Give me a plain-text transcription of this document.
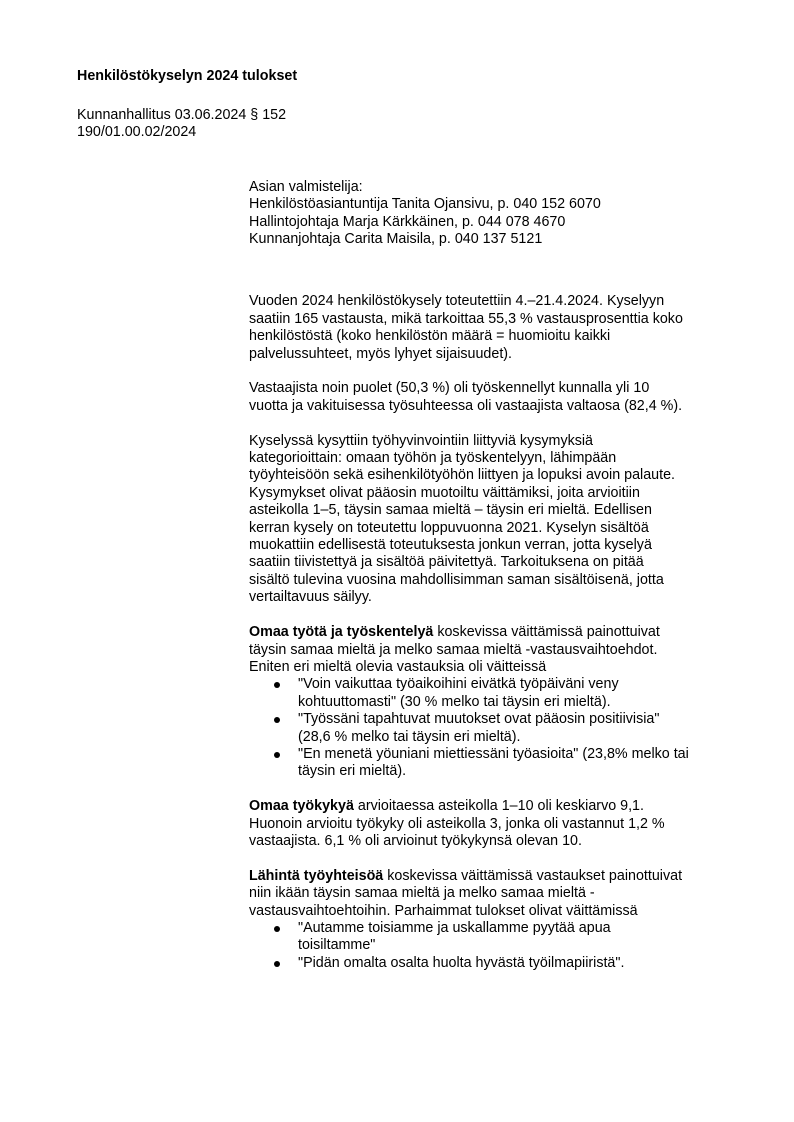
Henkilöstökyselyn 2024 tulokset
Kunnanhallitus 03.06.2024 § 152
190/01.00.02/2024
Asian valmistelija:
Henkilöstöasiantuntija Tanita Ojansivu, p. 040 152 6070
Hallintojohtaja Marja Kärkkäinen, p. 044 078 4670
Kunnanjohtaja Carita Maisila, p. 040 137 5121
Vuoden 2024 henkilöstökysely toteutettiin 4.–21.4.2024. Kyselyyn
saatiin 165 vastausta, mikä tarkoittaa 55,3 % vastausprosenttia koko
henkilöstöstä (koko henkilöstön määrä = huomioitu kaikki
palvelussuhteet, myös lyhyet sijaisuudet).
Vastaajista noin puolet (50,3 %) oli työskennellyt kunnalla yli 10
vuotta ja vakituisessa työsuhteessa oli vastaajista valtaosa (82,4 %).
Kyselyssä kysyttiin työhyvinvointiin liittyviä kysymyksiä
kategorioittain: omaan työhön ja työskentelyyn, lähimpään
työyhteisöön sekä esihenkilötyöhön liittyen ja lopuksi avoin palaute.
Kysymykset olivat pääosin muotoiltu väittämiksi, joita arvioitiin
asteikolla 1–5, täysin samaa mieltä – täysin eri mieltä. Edellisen
kerran kysely on toteutettu loppuvuonna 2021. Kyselyn sisältöä
muokattiin edellisestä toteutuksesta jonkun verran, jotta kyselyä
saatiin tiivistettyä ja sisältöä päivitettyä. Tarkoituksena on pitää
sisältö tulevina vuosina mahdollisimman saman sisältöisenä, jotta
vertailtavuus säilyy.
Omaa työtä ja työskentelyä koskevissa väittämissä painottuivat
täysin samaa mieltä ja melko samaa mieltä -vastausvaihtoehdot.
Eniten eri mieltä olevia vastauksia oli väitteissä
"Voin vaikuttaa työaikoihini eivätkä työpäiväni veny
kohtuuttomasti" (30 % melko tai täysin eri mieltä).
"Työssäni tapahtuvat muutokset ovat pääosin positiivisia"
(28,6 % melko tai täysin eri mieltä).
"En menetä yöuniani miettiessäni työasioita" (23,8% melko tai
täysin eri mieltä).
Omaa työkykyä arvioitaessa asteikolla 1–10 oli keskiarvo 9,1.
Huonoin arvioitu työkyky oli asteikolla 3, jonka oli vastannut 1,2 %
vastaajista. 6,1 % oli arvioinut työkykynsä olevan 10.
Lähintä työyhteisöä koskevissa väittämissä vastaukset painottuivat
niin ikään täysin samaa mieltä ja melko samaa mieltä -
vastausvaihtoehtoihin. Parhaimmat tulokset olivat väittämissä
"Autamme toisiamme ja uskallamme pyytää apua
toisiltamme"
"Pidän omalta osalta huolta hyvästä työilmapiiristä".
